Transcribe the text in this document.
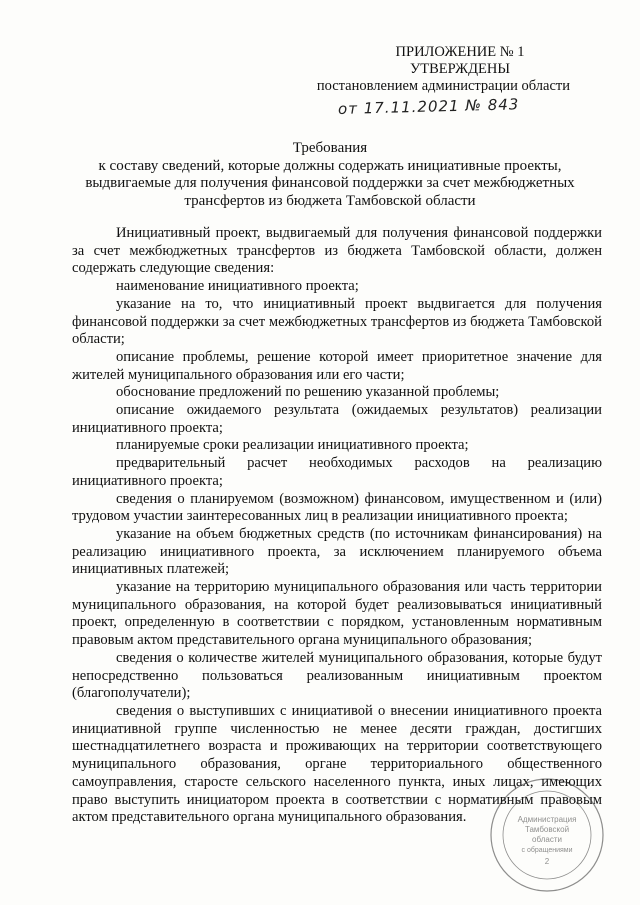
ПРИЛОЖЕНИЕ № 1
УТВЕРЖДЕНЫ
постановлением администрации области
от 17.11.2021 № 843
Требования
к составу сведений, которые должны содержать инициативные проекты,
выдвигаемые для получения финансовой поддержки за счет межбюджетных
трансфертов из бюджета Тамбовской области

Инициативный проект, выдвигаемый для получения финансовой поддержки за счет межбюджетных трансфертов из бюджета Тамбовской области, должен содержать следующие сведения:

наименование инициативного проекта;

указание на то, что инициативный проект выдвигается для получения финансовой поддержки за счет межбюджетных трансфертов из бюджета Тамбовской области;

описание проблемы, решение которой имеет приоритетное значение для жителей муниципального образования или его части;

обоснование предложений по решению указанной проблемы;

описание ожидаемого результата (ожидаемых результатов) реализации инициативного проекта;

планируемые сроки реализации инициативного проекта;

предварительный расчет необходимых расходов на реализацию инициативного проекта;

сведения о планируемом (возможном) финансовом, имущественном и (или) трудовом участии заинтересованных лиц в реализации инициативного проекта;

указание на объем бюджетных средств (по источникам финансирования) на реализацию инициативного проекта, за исключением планируемого объема инициативных платежей;

указание на территорию муниципального образования или часть территории муниципального образования, на которой будет реализовываться инициативный проект, определенную в соответствии с порядком, установленным нормативным правовым актом представительного органа муниципального образования;

сведения о количестве жителей муниципального образования, которые будут непосредственно пользоваться реализованным инициативным проектом (благополучатели);

сведения о выступивших с инициативой о внесении инициативного проекта инициативной группе численностью не менее десяти граждан, достигших шестнадцатилетнего возраста и проживающих на территории соответствующего муниципального образования, органе территориального общественного самоуправления, старосте сельского населенного пункта, иных лицах, имеющих право выступить инициатором проекта в соответствии с нормативным правовым актом представительного органа муниципального образования.	Администрация
Тамбовской
области
с обращениями
2
